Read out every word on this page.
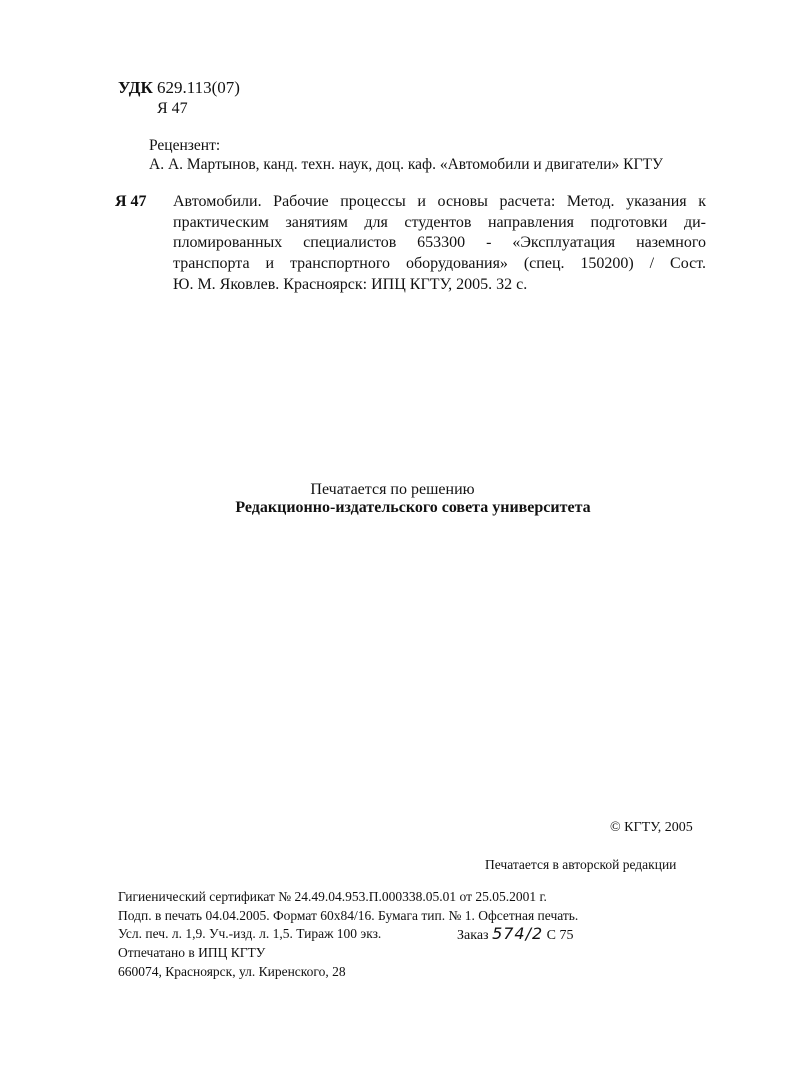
УДК 629.113(07)
Я 47
Рецензент:
А. А. Мартынов, канд. техн. наук, доц. каф. «Автомобили и двигатели» КГТУ
Я 47 Автомобили. Рабочие процессы и основы расчета: Метод. указания к
практическим занятиям для студентов направления подготовки ди-
пломированных специалистов 653300 - «Эксплуатация наземного
транспорта и транспортного оборудования» (спец. 150200) / Сост.
Ю. М. Яковлев. Красноярск: ИПЦ КГТУ, 2005. 32 с.
Печатается по решению
Редакционно-издательского совета университета
© КГТУ, 2005
Печатается в авторской редакции
Гигиенический сертификат № 24.49.04.953.П.000338.05.01 от 25.05.2001 г.
Подп. в печать 04.04.2005. Формат 60x84/16. Бумага тип. № 1. Офсетная печать.
Усл. печ. л. 1,9. Уч.-изд. л. 1,5. Тираж 100 экз.	Заказ 574/2 С 75
Отпечатано в ИПЦ КГТУ
660074, Красноярск, ул. Киренского, 28
